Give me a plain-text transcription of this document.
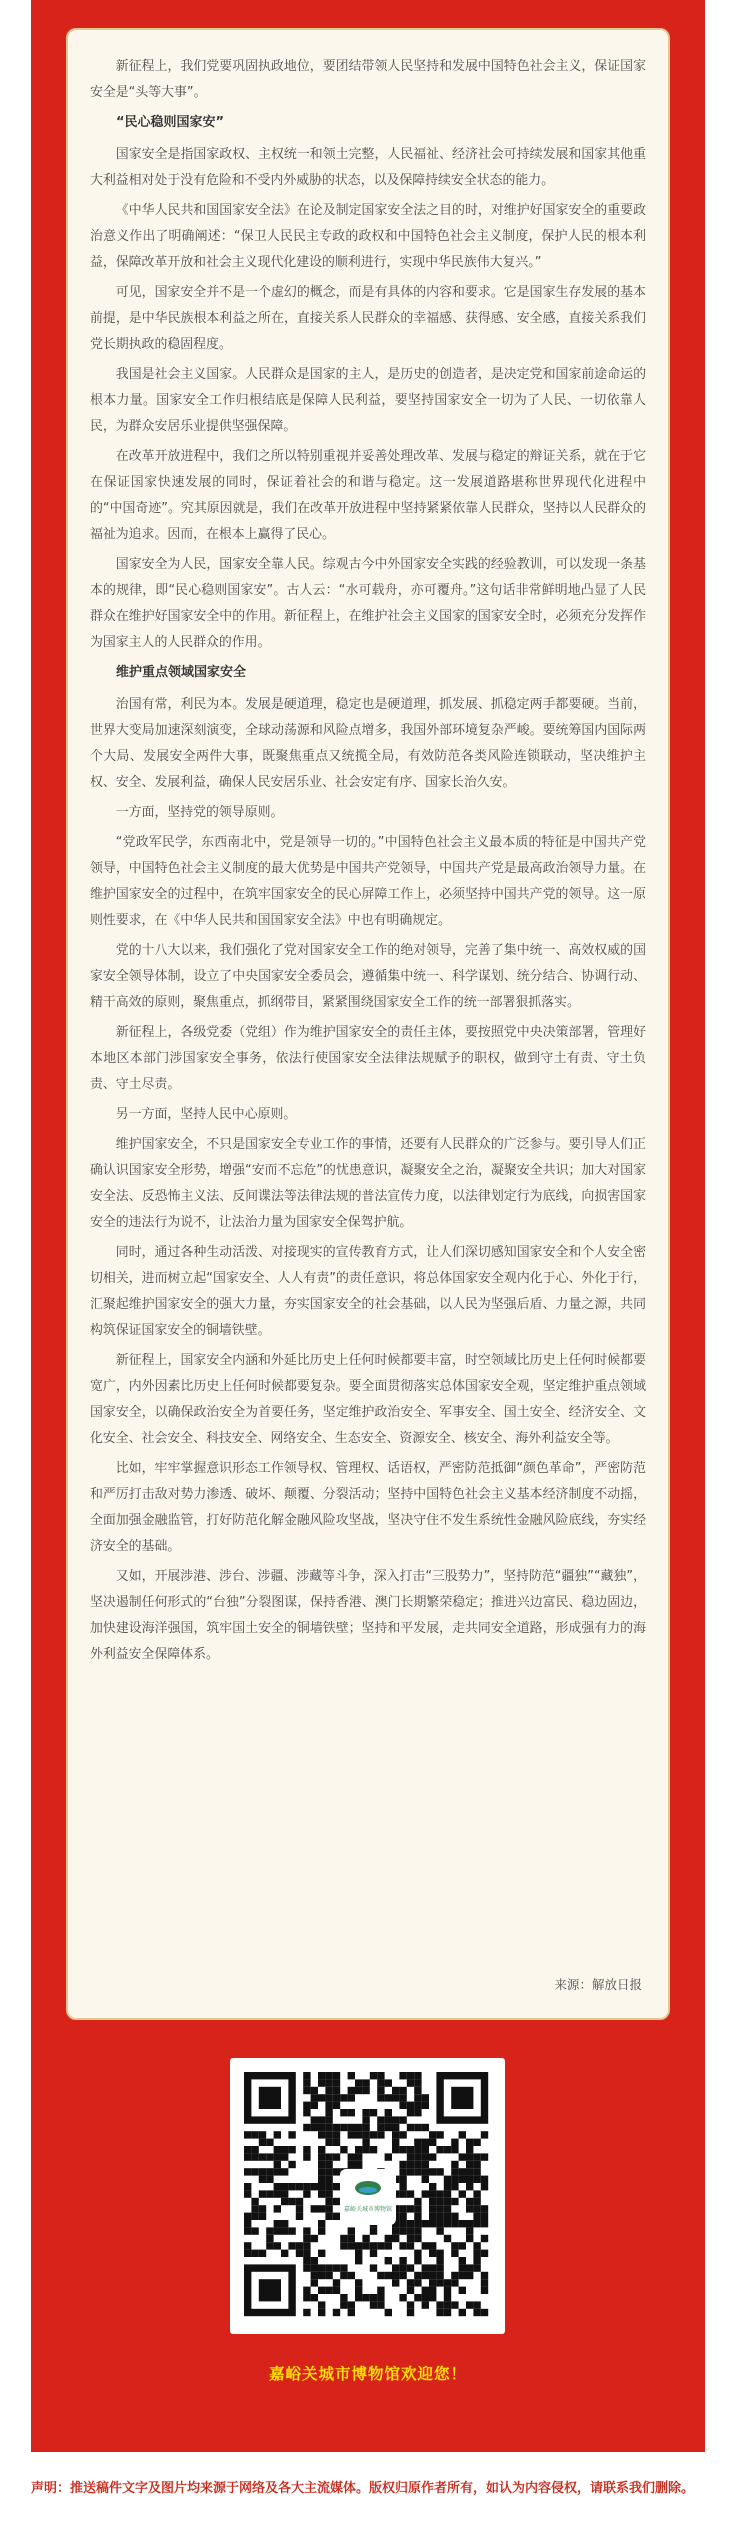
新征程上，我们党要巩固执政地位，要团结带领人民坚持和发展中国特色社会主义，保证国家安全是“头等大事”。

“民心稳则国家安”

国家安全是指国家政权、主权统一和领土完整，人民福祉、经济社会可持续发展和国家其他重大利益相对处于没有危险和不受内外威胁的状态，以及保障持续安全状态的能力。

《中华人民共和国国家安全法》在论及制定国家安全法之目的时，对维护好国家安全的重要政治意义作出了明确阐述：“保卫人民民主专政的政权和中国特色社会主义制度，保护人民的根本利益，保障改革开放和社会主义现代化建设的顺利进行，实现中华民族伟大复兴。”

可见，国家安全并不是一个虚幻的概念，而是有具体的内容和要求。它是国家生存发展的基本前提，是中华民族根本利益之所在，直接关系人民群众的幸福感、获得感、安全感，直接关系我们党长期执政的稳固程度。

我国是社会主义国家。人民群众是国家的主人，是历史的创造者，是决定党和国家前途命运的根本力量。国家安全工作归根结底是保障人民利益，要坚持国家安全一切为了人民、一切依靠人民，为群众安居乐业提供坚强保障。

在改革开放进程中，我们之所以特别重视并妥善处理改革、发展与稳定的辩证关系，就在于它在保证国家快速发展的同时，保证着社会的和谐与稳定。这一发展道路堪称世界现代化进程中的“中国奇迹”。究其原因就是，我们在改革开放进程中坚持紧紧依靠人民群众，坚持以人民群众的福祉为追求。因而，在根本上赢得了民心。

国家安全为人民，国家安全靠人民。综观古今中外国家安全实践的经验教训，可以发现一条基本的规律，即“民心稳则国家安”。古人云：“水可载舟，亦可覆舟。”这句话非常鲜明地凸显了人民群众在维护好国家安全中的作用。新征程上，在维护社会主义国家的国家安全时，必须充分发挥作为国家主人的人民群众的作用。

维护重点领域国家安全

治国有常，利民为本。发展是硬道理，稳定也是硬道理，抓发展、抓稳定两手都要硬。当前，世界大变局加速深刻演变，全球动荡源和风险点增多，我国外部环境复杂严峻。要统筹国内国际两个大局、发展安全两件大事，既聚焦重点又统揽全局，有效防范各类风险连锁联动，坚决维护主权、安全、发展利益，确保人民安居乐业、社会安定有序、国家长治久安。

一方面，坚持党的领导原则。

“党政军民学，东西南北中，党是领导一切的。”中国特色社会主义最本质的特征是中国共产党领导，中国特色社会主义制度的最大优势是中国共产党领导，中国共产党是最高政治领导力量。在维护国家安全的过程中，在筑牢国家安全的民心屏障工作上，必须坚持中国共产党的领导。这一原则性要求，在《中华人民共和国国家安全法》中也有明确规定。

党的十八大以来，我们强化了党对国家安全工作的绝对领导，完善了集中统一、高效权威的国家安全领导体制，设立了中央国家安全委员会，遵循集中统一、科学谋划、统分结合、协调行动、精干高效的原则，聚焦重点，抓纲带目，紧紧围绕国家安全工作的统一部署狠抓落实。

新征程上，各级党委（党组）作为维护国家安全的责任主体，要按照党中央决策部署，管理好本地区本部门涉国家安全事务，依法行使国家安全法律法规赋予的职权，做到守土有责、守土负责、守土尽责。

另一方面，坚持人民中心原则。

维护国家安全，不只是国家安全专业工作的事情，还要有人民群众的广泛参与。要引导人们正确认识国家安全形势，增强“安而不忘危”的忧患意识，凝聚安全之治，凝聚安全共识；加大对国家安全法、反恐怖主义法、反间谍法等法律法规的普法宣传力度，以法律划定行为底线，向损害国家安全的违法行为说不，让法治力量为国家安全保驾护航。

同时，通过各种生动活泼、对接现实的宣传教育方式，让人们深切感知国家安全和个人安全密切相关，进而树立起“国家安全、人人有责”的责任意识，将总体国家安全观内化于心、外化于行，汇聚起维护国家安全的强大力量，夯实国家安全的社会基础，以人民为坚强后盾、力量之源，共同构筑保证国家安全的铜墙铁壁。

新征程上，国家安全内涵和外延比历史上任何时候都要丰富，时空领域比历史上任何时候都要宽广，内外因素比历史上任何时候都要复杂。要全面贯彻落实总体国家安全观，坚定维护重点领域国家安全，以确保政治安全为首要任务，坚定维护政治安全、军事安全、国土安全、经济安全、文化安全、社会安全、科技安全、网络安全、生态安全、资源安全、核安全、海外利益安全等。

比如，牢牢掌握意识形态工作领导权、管理权、话语权，严密防范抵御“颜色革命”，严密防范和严厉打击敌对势力渗透、破坏、颠覆、分裂活动；坚持中国特色社会主义基本经济制度不动摇，全面加强金融监管，打好防范化解金融风险攻坚战，坚决守住不发生系统性金融风险底线，夯实经济安全的基础。

又如，开展涉港、涉台、涉疆、涉藏等斗争，深入打击“三股势力”，坚持防范“疆独”“藏独”，坚决遏制任何形式的“台独”分裂图谋，保持香港、澳门长期繁荣稳定；推进兴边富民、稳边固边，加快建设海洋强国，筑牢国土安全的铜墙铁壁；坚持和平发展，走共同安全道路，形成强有力的海外利益安全保障体系。

来源：解放日报
嘉峪关城市博物馆
嘉峪关城市博物馆欢迎您！
声明：推送稿件文字及图片均来源于网络及各大主流媒体。版权归原作者所有，如认为内容侵权，请联系我们删除。
